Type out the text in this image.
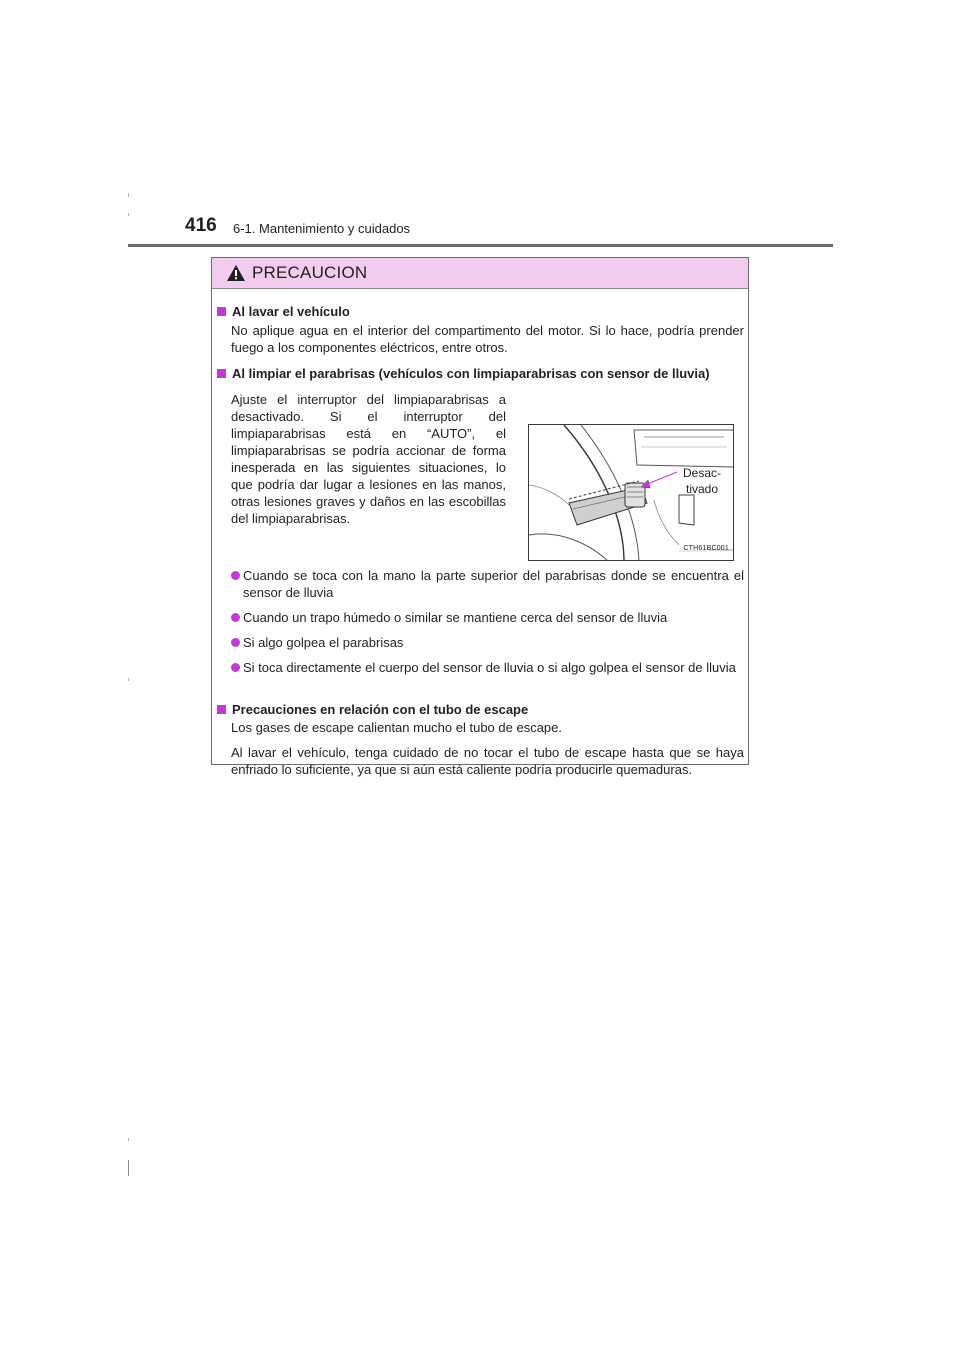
416 6-1. Mantenimiento y cuidados
PRECAUCION
Al lavar el vehículo
No aplique agua en el interior del compartimento del motor. Si lo hace, podría prender fuego a los componentes eléctricos, entre otros.
Al limpiar el parabrisas (vehículos con limpiaparabrisas con sensor de lluvia)
Ajuste el interruptor del limpiaparabrisas a desactivado. Si el interruptor del limpiaparabrisas está en “AUTO”, el limpiaparabrisas se podría accionar de forma inesperada en las siguientes situaciones, lo que podría dar lugar a lesiones en las manos, otras lesiones graves y daños en las escobillas del limpiaparabrisas.
Desactivado
CTH61BC001
Cuando se toca con la mano la parte superior del parabrisas donde se encuentra el sensor de lluvia
Cuando un trapo húmedo o similar se mantiene cerca del sensor de lluvia
Si algo golpea el parabrisas
Si toca directamente el cuerpo del sensor de lluvia o si algo golpea el sensor de lluvia
Precauciones en relación con el tubo de escape
Los gases de escape calientan mucho el tubo de escape.
Al lavar el vehículo, tenga cuidado de no tocar el tubo de escape hasta que se haya enfriado lo suficiente, ya que si aún está caliente podría producirle quemaduras.
